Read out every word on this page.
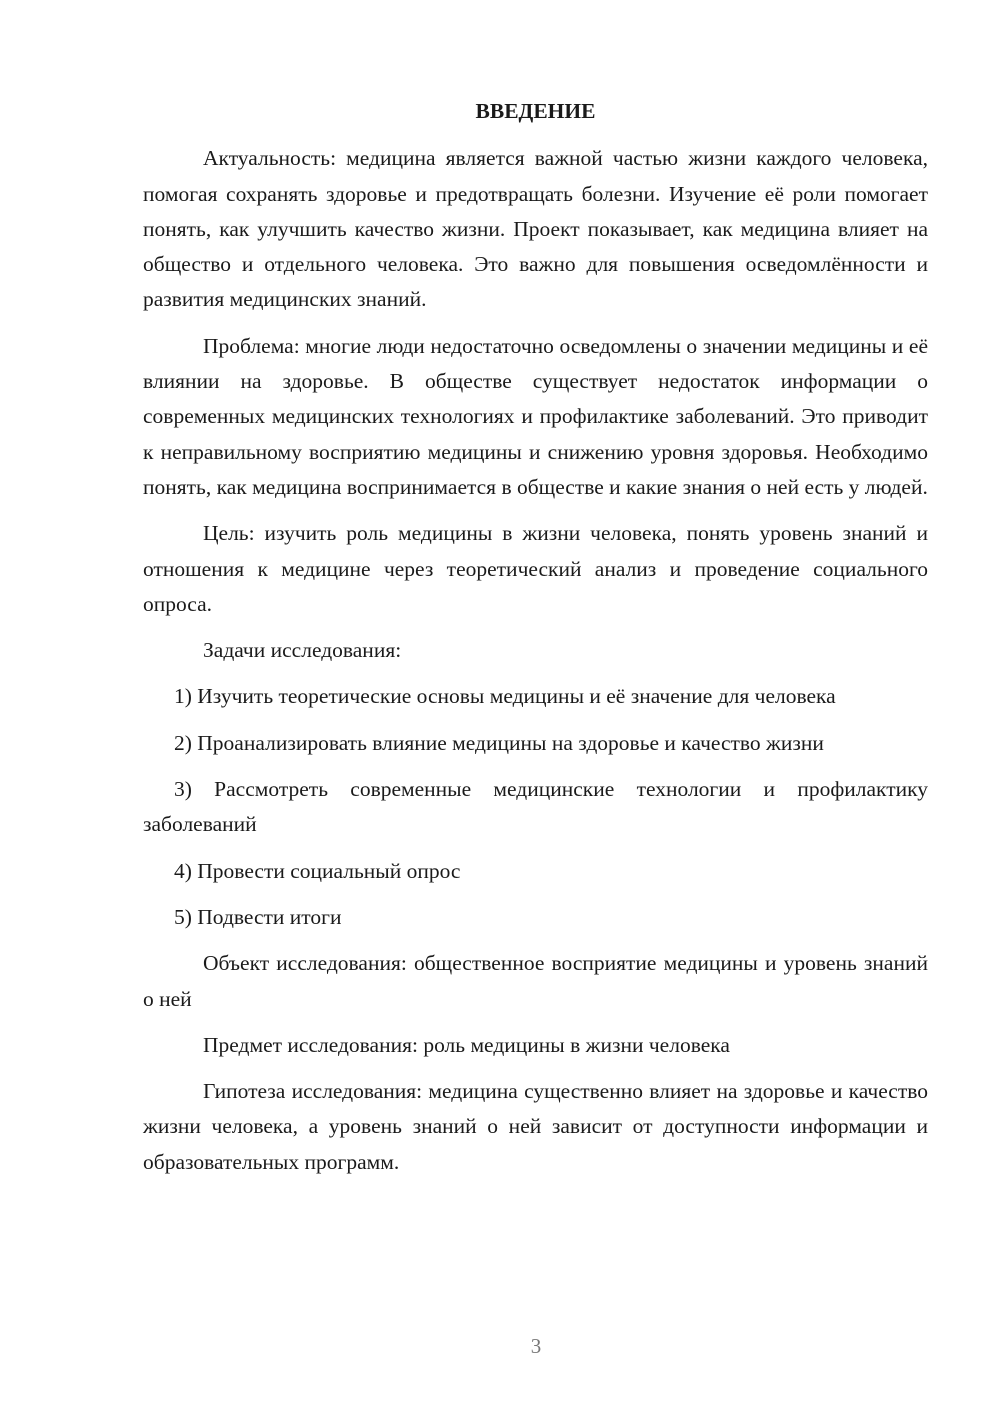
ВВЕДЕНИЕ

Актуальность: медицина является важной частью жизни каждого человека, помогая сохранять здоровье и предотвращать болезни. Изучение её роли помогает понять, как улучшить качество жизни. Проект показывает, как медицина влияет на общество и отдельного человека. Это важно для повышения осведомлённости и развития медицинских знаний.

Проблема: многие люди недостаточно осведомлены о значении медицины и её влиянии на здоровье. В обществе существует недостаток информации о современных медицинских технологиях и профилактике заболеваний. Это приводит к неправильному восприятию медицины и снижению уровня здоровья. Необходимо понять, как медицина воспринимается в обществе и какие знания о ней есть у людей.

Цель: изучить роль медицины в жизни человека, понять уровень знаний и отношения к медицине через теоретический анализ и проведение социального опроса.

Задачи исследования:

1) Изучить теоретические основы медицины и её значение для человека

2) Проанализировать влияние медицины на здоровье и качество жизни

3) Рассмотреть современные медицинские технологии и профилактику заболеваний

4) Провести социальный опрос

5) Подвести итоги

Объект исследования: общественное восприятие медицины и уровень знаний о ней

Предмет исследования: роль медицины в жизни человека

Гипотеза исследования: медицина существенно влияет на здоровье и качество жизни человека, а уровень знаний о ней зависит от доступности информации и образовательных программ.

3
